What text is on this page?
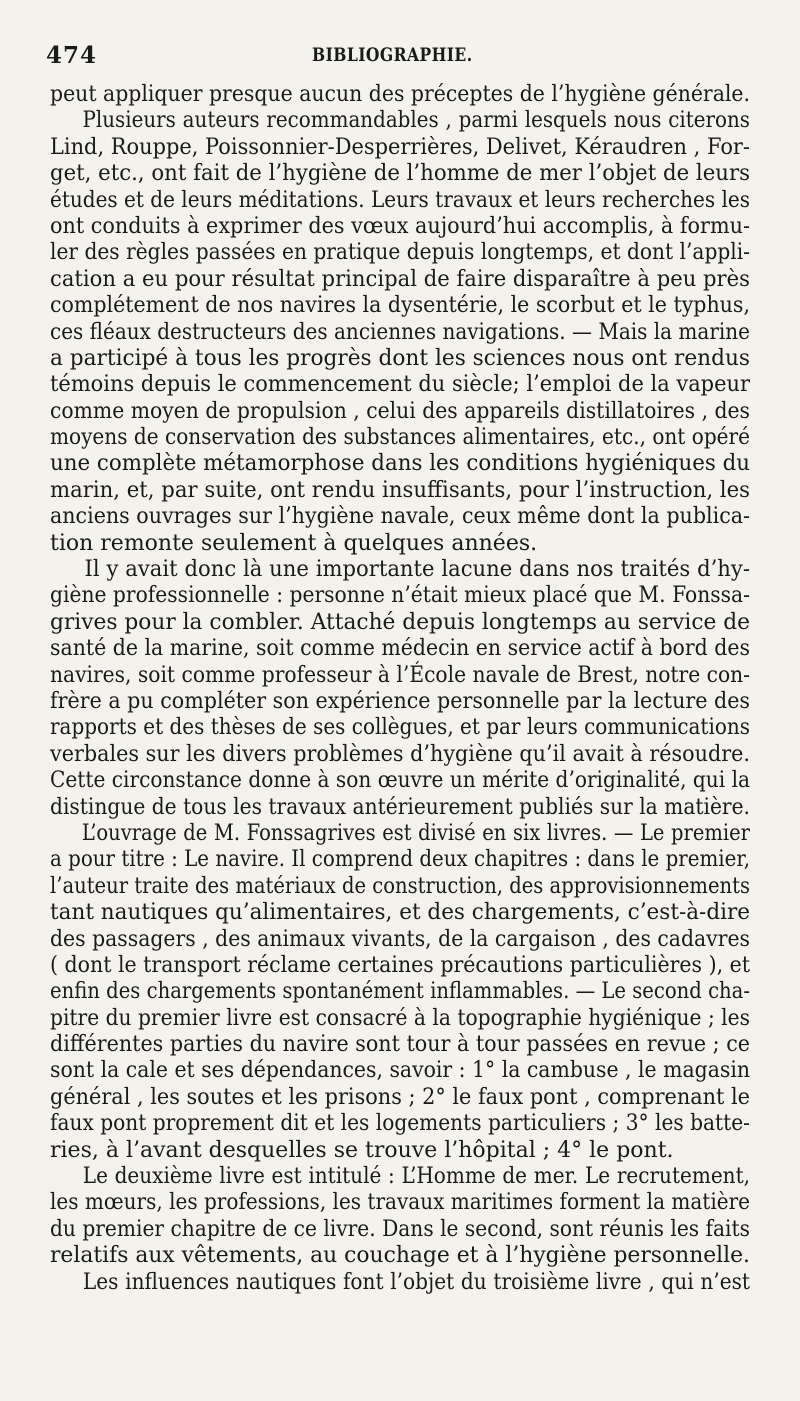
474	BIBLIOGRAPHIE.
peut appliquer presque aucun des préceptes de l’hygiène générale.
Plusieurs auteurs recommandables , parmi lesquels nous citerons
Lind, Rouppe, Poissonnier-Desperrières, Delivet, Kéraudren , For-
get, etc., ont fait de l’hygiène de l’homme de mer l’objet de leurs
études et de leurs méditations. Leurs travaux et leurs recherches les
ont conduits à exprimer des vœux aujourd’hui accomplis, à formu-
ler des règles passées en pratique depuis longtemps, et dont l’appli-
cation a eu pour résultat principal de faire disparaître à peu près
complétement de nos navires la dysentérie, le scorbut et le typhus,
ces fléaux destructeurs des anciennes navigations. — Mais la marine
a participé à tous les progrès dont les sciences nous ont rendus
témoins depuis le commencement du siècle; l’emploi de la vapeur
comme moyen de propulsion , celui des appareils distillatoires , des
moyens de conservation des substances alimentaires, etc., ont opéré
une complète métamorphose dans les conditions hygiéniques du
marin, et, par suite, ont rendu insuffisants, pour l’instruction, les
anciens ouvrages sur l’hygiène navale, ceux même dont la publica-
tion remonte seulement à quelques années.
Il y avait donc là une importante lacune dans nos traités d’hy-
giène professionnelle : personne n’était mieux placé que M. Fonssa-
grives pour la combler. Attaché depuis longtemps au service de
santé de la marine, soit comme médecin en service actif à bord des
navires, soit comme professeur à l’École navale de Brest, notre con-
frère a pu compléter son expérience personnelle par la lecture des
rapports et des thèses de ses collègues, et par leurs communications
verbales sur les divers problèmes d’hygiène qu’il avait à résoudre.
Cette circonstance donne à son œuvre un mérite d’originalité, qui la
distingue de tous les travaux antérieurement publiés sur la matière.
L’ouvrage de M. Fonssagrives est divisé en six livres. — Le premier
a pour titre : Le navire. Il comprend deux chapitres : dans le premier,
l’auteur traite des matériaux de construction, des approvisionnements
tant nautiques qu’alimentaires, et des chargements, c’est-à-dire
des passagers , des animaux vivants, de la cargaison , des cadavres
( dont le transport réclame certaines précautions particulières ), et
enfin des chargements spontanément inflammables. — Le second cha-
pitre du premier livre est consacré à la topographie hygiénique ; les
différentes parties du navire sont tour à tour passées en revue ; ce
sont la cale et ses dépendances, savoir : 1° la cambuse , le magasin
général , les soutes et les prisons ; 2° le faux pont , comprenant le
faux pont proprement dit et les logements particuliers ; 3° les batte-
ries, à l’avant desquelles se trouve l’hôpital ; 4° le pont.
Le deuxième livre est intitulé : L’Homme de mer. Le recrutement,
les mœurs, les professions, les travaux maritimes forment la matière
du premier chapitre de ce livre. Dans le second, sont réunis les faits
relatifs aux vêtements, au couchage et à l’hygiène personnelle.
Les influences nautiques font l’objet du troisième livre , qui n’est
